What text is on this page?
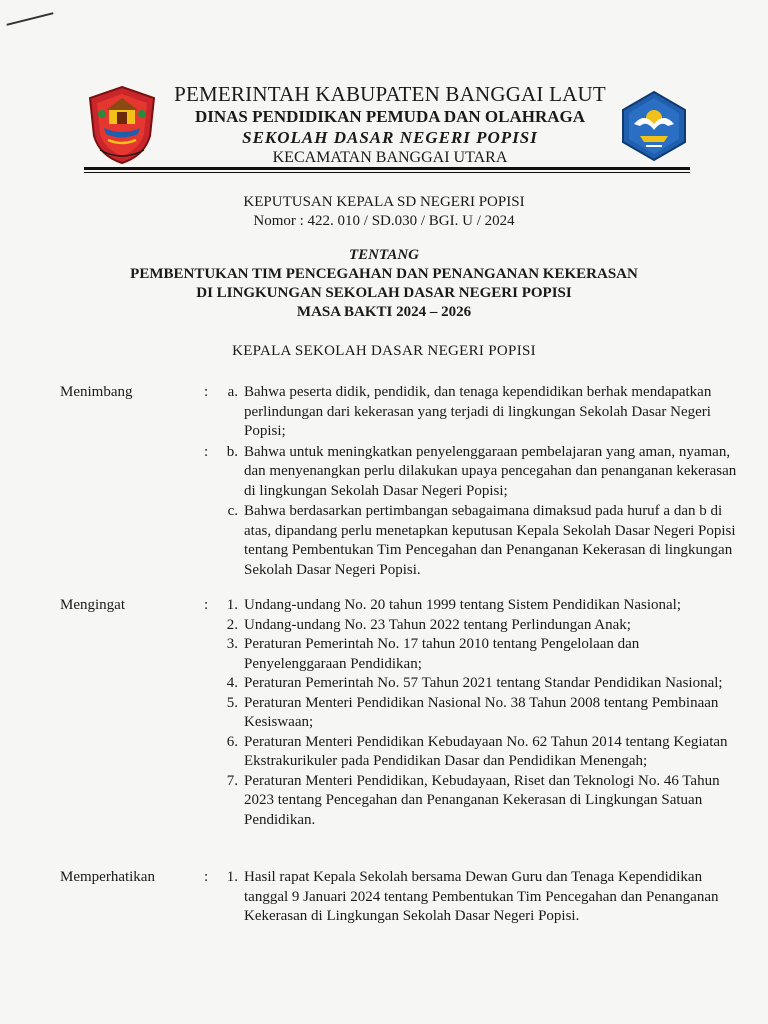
PEMERINTAH KABUPATEN BANGGAI LAUT
DINAS PENDIDIKAN PEMUDA DAN OLAHRAGA
SEKOLAH DASAR NEGERI POPISI
KECAMATAN BANGGAI UTARA
KEPUTUSAN KEPALA SD NEGERI POPISI
Nomor : 422. 010 / SD.030 / BGI. U / 2024
TENTANG
PEMBENTUKAN TIM PENCEGAHAN DAN PENANGANAN KEKERASAN
DI LINGKUNGAN SEKOLAH DASAR NEGERI POPISI
MASA BAKTI 2024 – 2026
KEPALA SEKOLAH DASAR NEGERI POPISI
Menimbang	:	a. Bahwa peserta didik, pendidik, dan tenaga kependidikan berhak mendapatkan perlindungan dari kekerasan yang terjadi di lingkungan Sekolah Dasar Negeri Popisi;
:	b. Bahwa untuk meningkatkan penyelenggaraan pembelajaran yang aman, nyaman, dan menyenangkan perlu dilakukan upaya pencegahan dan penanganan kekerasan di lingkungan Sekolah Dasar Negeri Popisi;
c. Bahwa berdasarkan pertimbangan sebagaimana dimaksud pada huruf a dan b di atas, dipandang perlu menetapkan keputusan Kepala Sekolah Dasar Negeri Popisi tentang Pembentukan Tim Pencegahan dan Penanganan Kekerasan di lingkungan Sekolah Dasar Negeri Popisi.
Mengingat	:	1. Undang-undang No. 20 tahun 1999 tentang Sistem Pendidikan Nasional;
2. Undang-undang No. 23 Tahun 2022 tentang Perlindungan Anak;
3. Peraturan Pemerintah No. 17 tahun 2010 tentang Pengelolaan dan Penyelenggaraan Pendidikan;
4. Peraturan Pemerintah No. 57 Tahun 2021 tentang Standar Pendidikan Nasional;
5. Peraturan Menteri Pendidikan Nasional No. 38 Tahun 2008 tentang Pembinaan Kesiswaan;
6. Peraturan Menteri Pendidikan Kebudayaan No. 62 Tahun 2014 tentang Kegiatan Ekstrakurikuler pada Pendidikan Dasar dan Pendidikan Menengah;
7. Peraturan Menteri Pendidikan, Kebudayaan, Riset dan Teknologi No. 46 Tahun 2023 tentang Pencegahan dan Penanganan Kekerasan di Lingkungan Satuan Pendidikan.
Memperhatikan	:	1. Hasil rapat Kepala Sekolah bersama Dewan Guru dan Tenaga Kependidikan tanggal 9 Januari 2024 tentang Pembentukan Tim Pencegahan dan Penanganan Kekerasan di Lingkungan Sekolah Dasar Negeri Popisi.
